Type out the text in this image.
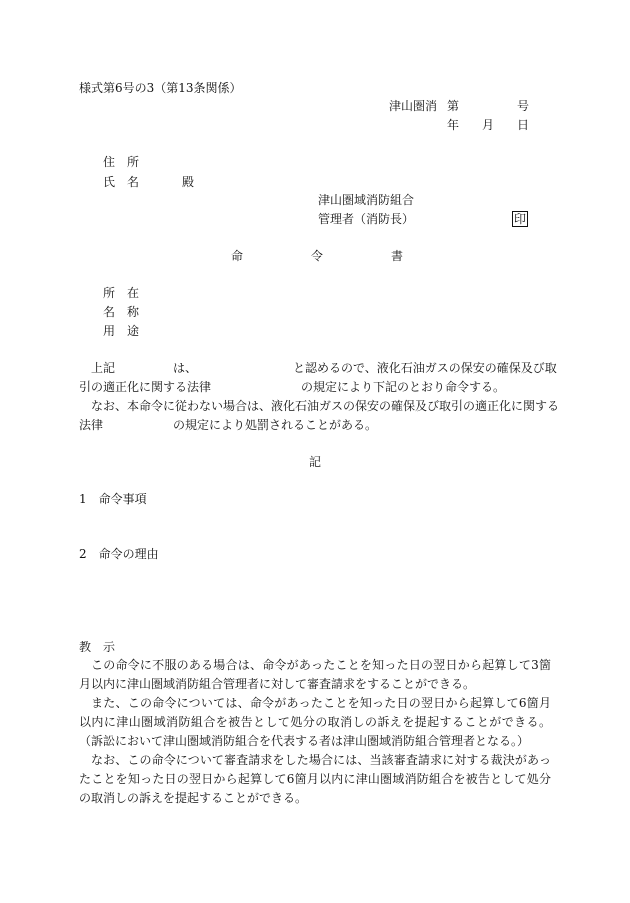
様式第6号の3（第13条関係）
津山圏消 第	号
年 月 日
住　所
氏　名	殿
津山圏域消防組合
管理者（消防長）	印
命	令	書
所　在
名　称
用　途
上記	は、	と認めるので、液化石油ガスの保安の確保及び取
引の適正化に関する法律	の規定により下記のとおり命令する。
なお、本命令に従わない場合は、液化石油ガスの保安の確保及び取引の適正化に関する
法律	の規定により処罰されることがある。
記
1　命令事項
2　命令の理由
教　示

この命令に不服のある場合は、命令があったことを知った日の翌日から起算して3箇月以内に津山圏域消防組合管理者に対して審査請求をすることができる。

また、この命令については、命令があったことを知った日の翌日から起算して6箇月以内に津山圏域消防組合を被告として処分の取消しの訴えを提起することができる。（訴訟において津山圏域消防組合を代表する者は津山圏域消防組合管理者となる。）

なお、この命令について審査請求をした場合には、当該審査請求に対する裁決があったことを知った日の翌日から起算して6箇月以内に津山圏域消防組合を被告として処分の取消しの訴えを提起することができる。
